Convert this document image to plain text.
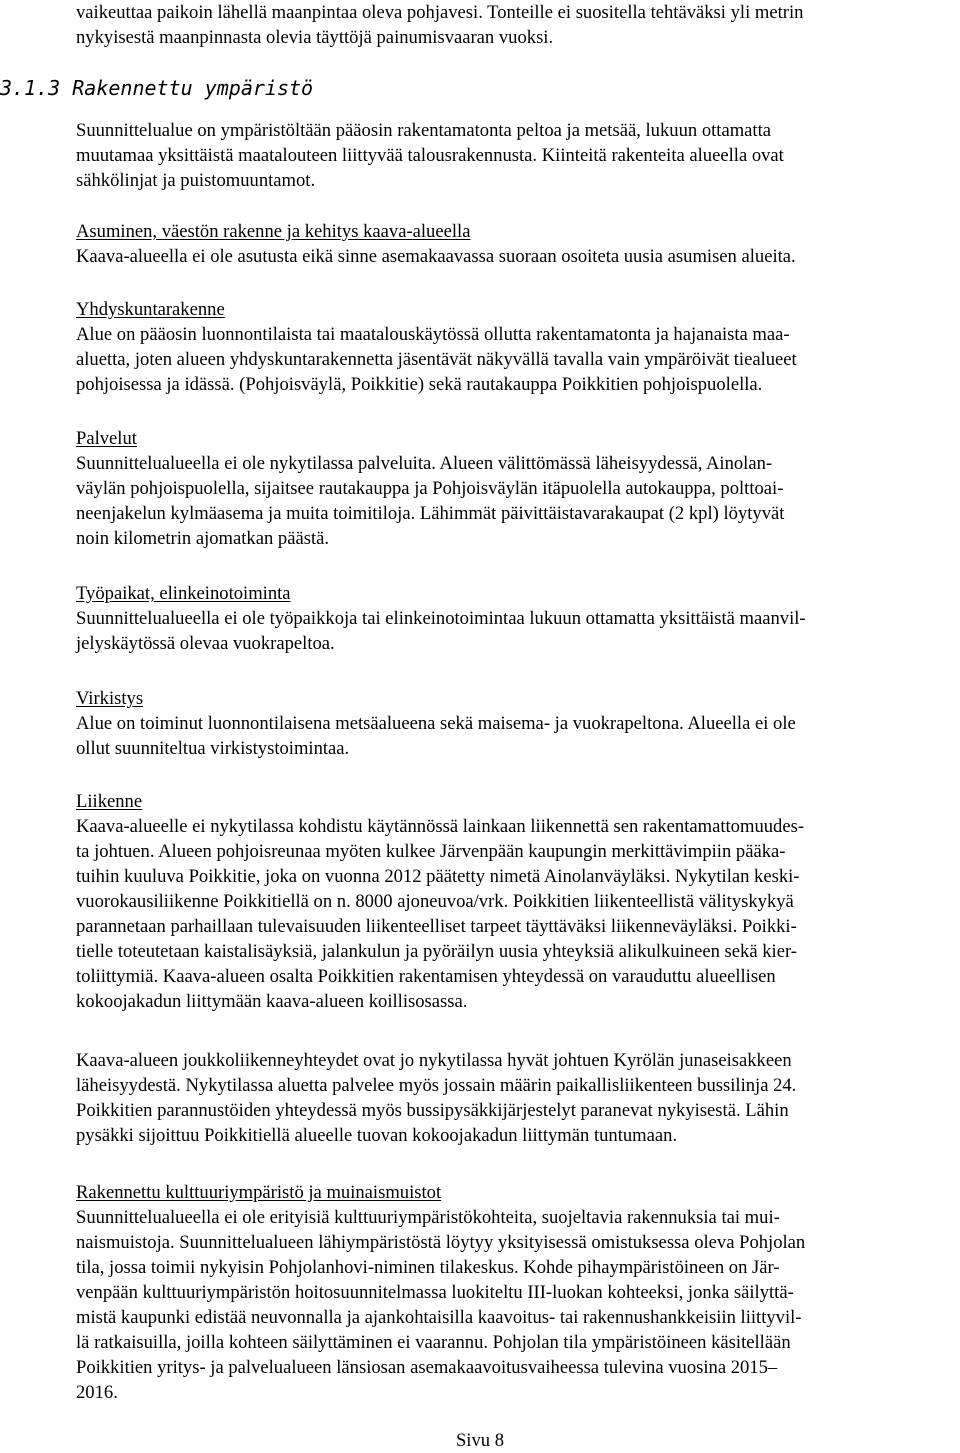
vaikeuttaa paikoin lähellä maanpintaa oleva pohjavesi. Tonteille ei suositella tehtäväksi yli metrin
nykyisestä maanpinnasta olevia täyttöjä painumisvaaran vuoksi.
3.1.3 Rakennettu ympäristö
Suunnittelualue on ympäristöltään pääosin rakentamatonta peltoa ja metsää, lukuun ottamatta
muutamaa yksittäistä maatalouteen liittyvää talousrakennusta. Kiinteitä rakenteita alueella ovat
sähkölinjat ja puistomuuntamot.
Asuminen, väestön rakenne ja kehitys kaava-alueella
Kaava-alueella ei ole asutusta eikä sinne asemakaavassa suoraan osoiteta uusia asumisen alueita.
Yhdyskuntarakenne
Alue on pääosin luonnontilaista tai maatalouskäytössä ollutta rakentamatonta ja hajanaista maa-
aluetta, joten alueen yhdyskuntarakennetta jäsentävät näkyvällä tavalla vain ympäröivät tiealueet
pohjoisessa ja idässä. (Pohjoisväylä, Poikkitie) sekä rautakauppa Poikkitien pohjoispuolella.
Palvelut
Suunnittelualueella ei ole nykytilassa palveluita. Alueen välittömässä läheisyydessä, Ainolan-
väylän pohjoispuolella, sijaitsee rautakauppa ja Pohjoisväylän itäpuolella autokauppa, polttoai-
neenjakelun kylmäasema ja muita toimitiloja. Lähimmät päivittäistavarakaupat (2 kpl) löytyvät
noin kilometrin ajomatkan päästä.
Työpaikat, elinkeinotoiminta
Suunnittelualueella ei ole työpaikkoja tai elinkeinotoimintaa lukuun ottamatta yksittäistä maanvil-
jelyskäytössä olevaa vuokrapeltoa.
Virkistys
Alue on toiminut luonnontilaisena metsäalueena sekä maisema- ja vuokrapeltona. Alueella ei ole
ollut suunniteltua virkistystoimintaa.
Liikenne
Kaava-alueelle ei nykytilassa kohdistu käytännössä lainkaan liikennettä sen rakentamattomuudes-
ta johtuen. Alueen pohjoisreunaa myöten kulkee Järvenpään kaupungin merkittävimpiin pääka-
tuihin kuuluva Poikkitie, joka on vuonna 2012 päätetty nimetä Ainolanväyläksi. Nykytilan keski-
vuorokausiliikenne Poikkitiellä on n. 8000 ajoneuvoa/vrk. Poikkitien liikenteellistä välityskykyä
parannetaan parhaillaan tulevaisuuden liikenteelliset tarpeet täyttäväksi liikenneväyläksi. Poikki-
tielle toteutetaan kaistalisäyksiä, jalankulun ja pyöräilyn uusia yhteyksiä alikulkuineen sekä kier-
toliittymiä. Kaava-alueen osalta Poikkitien rakentamisen yhteydessä on varauduttu alueellisen
kokoojakadun liittymään kaava-alueen koillisosassa.
Kaava-alueen joukkoliikenneyhteydet ovat jo nykytilassa hyvät johtuen Kyrölän junaseisakkeen
läheisyydestä. Nykytilassa aluetta palvelee myös jossain määrin paikallisliikenteen bussilinja 24.
Poikkitien parannustöiden yhteydessä myös bussipysäkkijärjestelyt paranevat nykyisestä. Lähin
pysäkki sijoittuu Poikkitiellä alueelle tuovan kokoojakadun liittymän tuntumaan.
Rakennettu kulttuuriympäristö ja muinaismuistot
Suunnittelualueella ei ole erityisiä kulttuuriympäristökohteita, suojeltavia rakennuksia tai mui-
naismuistoja. Suunnittelualueen lähiympäristöstä löytyy yksityisessä omistuksessa oleva Pohjolan
tila, jossa toimii nykyisin Pohjolanhovi-niminen tilakeskus. Kohde pihaympäristöineen on Jär-
venpään kulttuuriympäristön hoitosuunnitelmassa luokiteltu III-luokan kohteeksi, jonka säilyttä-
mistä kaupunki edistää neuvonnalla ja ajankohtaisilla kaavoitus- tai rakennushankkeisiin liittyvil-
lä ratkaisuilla, joilla kohteen säilyttäminen ei vaarannu. Pohjolan tila ympäristöineen käsitellään
Poikkitien yritys- ja palvelualueen länsiosan asemakaavoitusvaiheessa tulevina vuosina 2015–
2016.
Sivu 8
